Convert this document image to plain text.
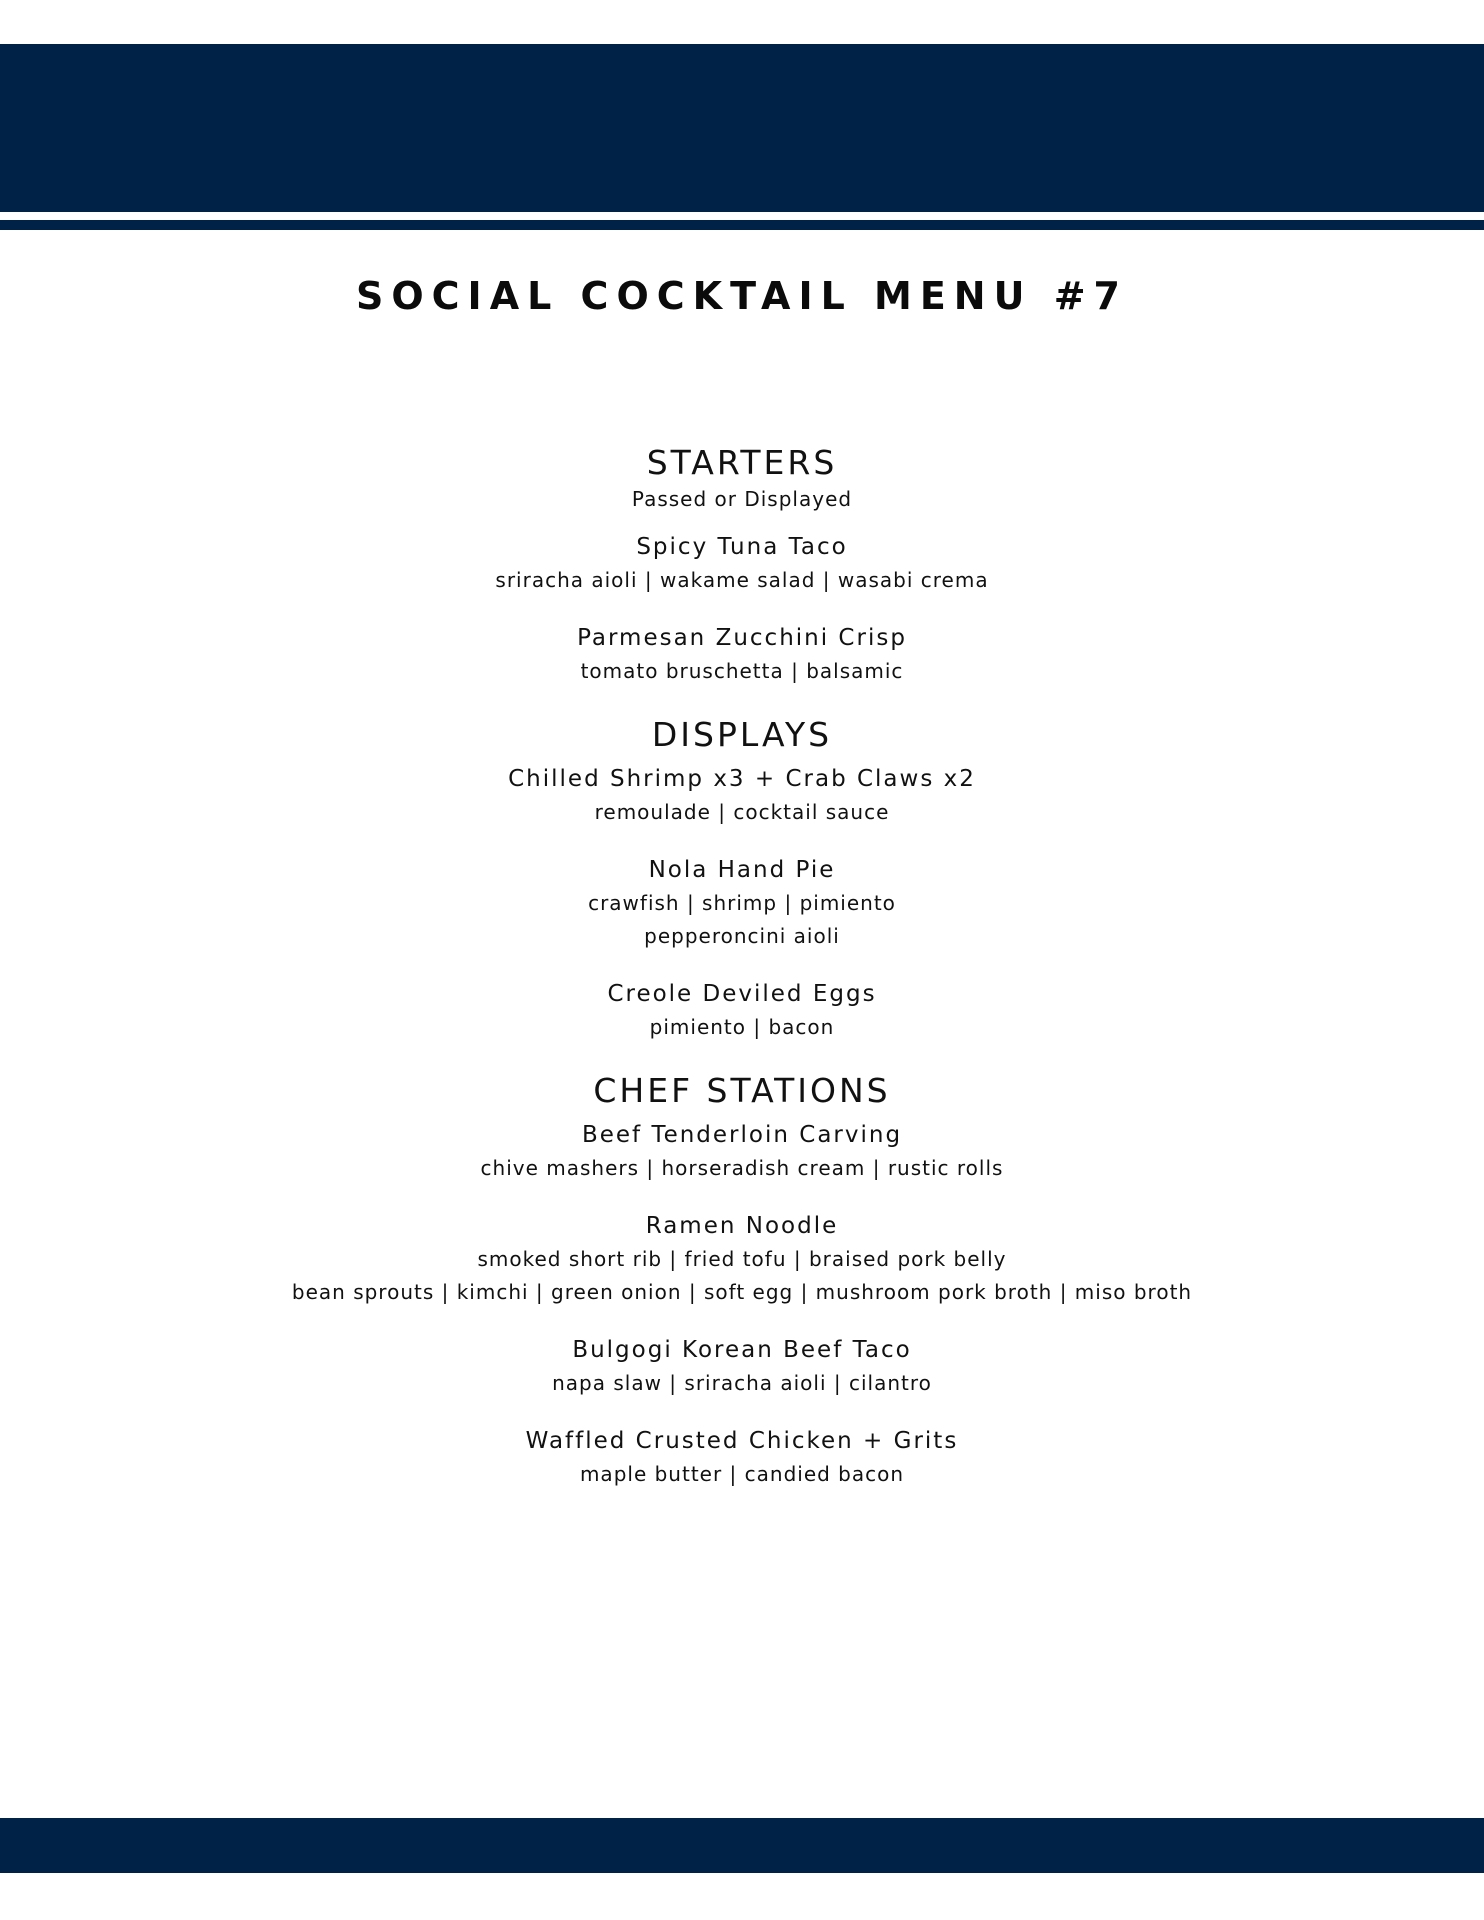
SOCIAL COCKTAIL MENU #7
STARTERS
Passed or Displayed
Spicy Tuna Taco
sriracha aioli | wakame salad | wasabi crema
Parmesan Zucchini Crisp
tomato bruschetta | balsamic
DISPLAYS
Chilled Shrimp x3 + Crab Claws x2
remoulade | cocktail sauce
Nola Hand Pie
crawfish | shrimp | pimiento
pepperoncini aioli
Creole Deviled Eggs
pimiento | bacon
CHEF STATIONS
Beef Tenderloin Carving
chive mashers | horseradish cream | rustic rolls
Ramen Noodle
smoked short rib | fried tofu | braised pork belly
bean sprouts | kimchi | green onion | soft egg | mushroom pork broth | miso broth
Bulgogi Korean Beef Taco
napa slaw | sriracha aioli | cilantro
Waffled Crusted Chicken + Grits
maple butter | candied bacon
